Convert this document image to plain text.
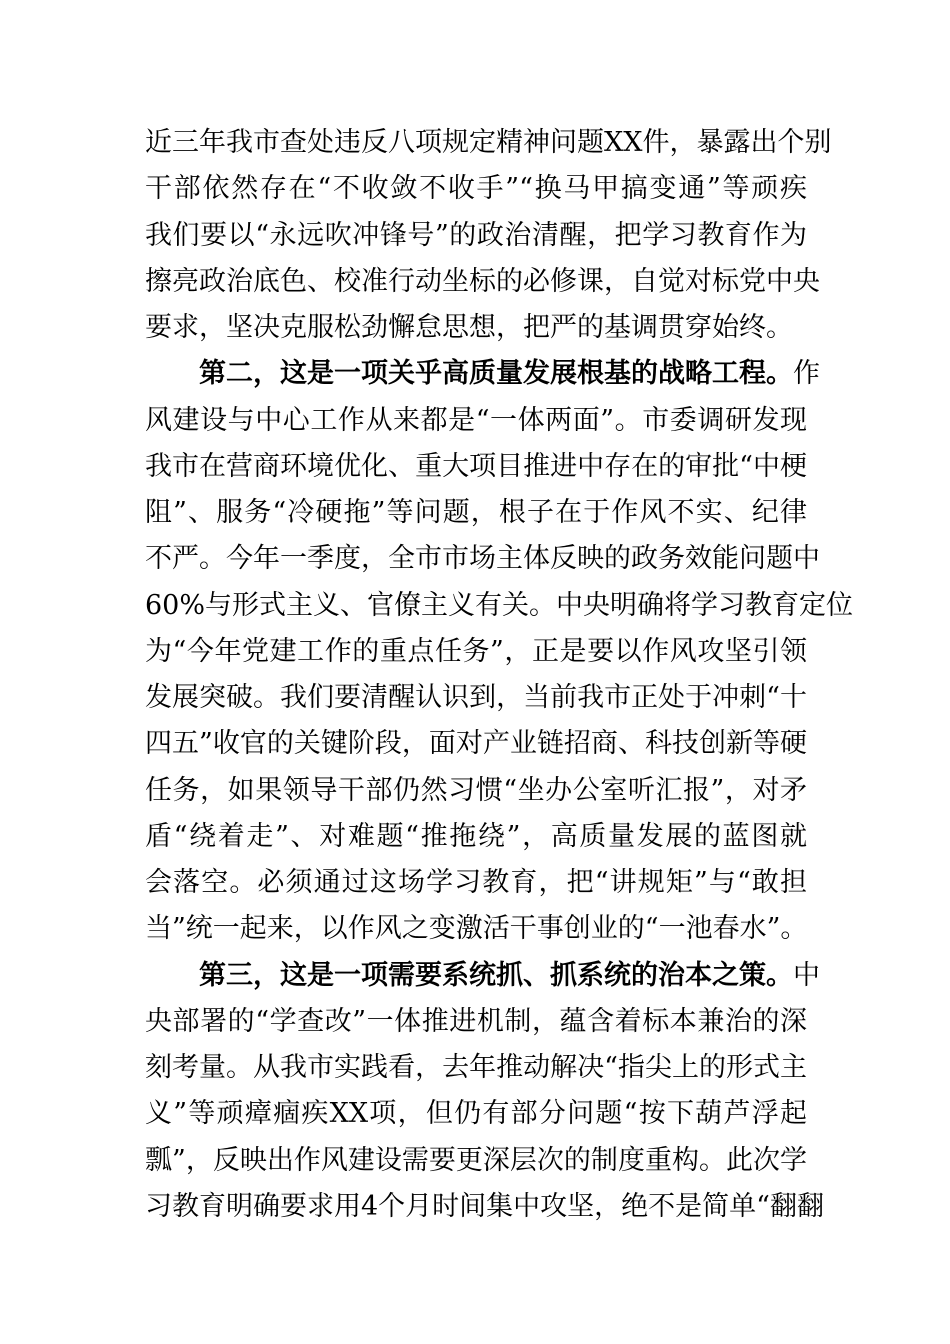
近三年我市查处违反八项规定精神问题XX件，暴露出个别
干部依然存在“不收敛不收手”“换马甲搞变通”等顽疾
我们要以“永远吹冲锋号”的政治清醒，把学习教育作为
擦亮政治底色、校准行动坐标的必修课，自觉对标党中央
要求，坚决克服松劲懈怠思想，把严的基调贯穿始终。
第二，这是一项关乎高质量发展根基的战略工程。作
风建设与中心工作从来都是“一体两面”。市委调研发现
我市在营商环境优化、重大项目推进中存在的审批“中梗
阻”、服务“冷硬拖”等问题，根子在于作风不实、纪律
不严。今年一季度，全市市场主体反映的政务效能问题中
60%与形式主义、官僚主义有关。中央明确将学习教育定位
为“今年党建工作的重点任务”，正是要以作风攻坚引领
发展突破。我们要清醒认识到，当前我市正处于冲刺“十
四五”收官的关键阶段，面对产业链招商、科技创新等硬
任务，如果领导干部仍然习惯“坐办公室听汇报”，对矛
盾“绕着走”、对难题“推拖绕”，高质量发展的蓝图就
会落空。必须通过这场学习教育，把“讲规矩”与“敢担
当”统一起来，以作风之变激活干事创业的“一池春水”。
第三，这是一项需要系统抓、抓系统的治本之策。中
央部署的“学查改”一体推进机制，蕴含着标本兼治的深
刻考量。从我市实践看，去年推动解决“指尖上的形式主
义”等顽瘴痼疾XX项，但仍有部分问题“按下葫芦浮起
瓢”，反映出作风建设需要更深层次的制度重构。此次学
习教育明确要求用4个月时间集中攻坚，绝不是简单“翻翻
